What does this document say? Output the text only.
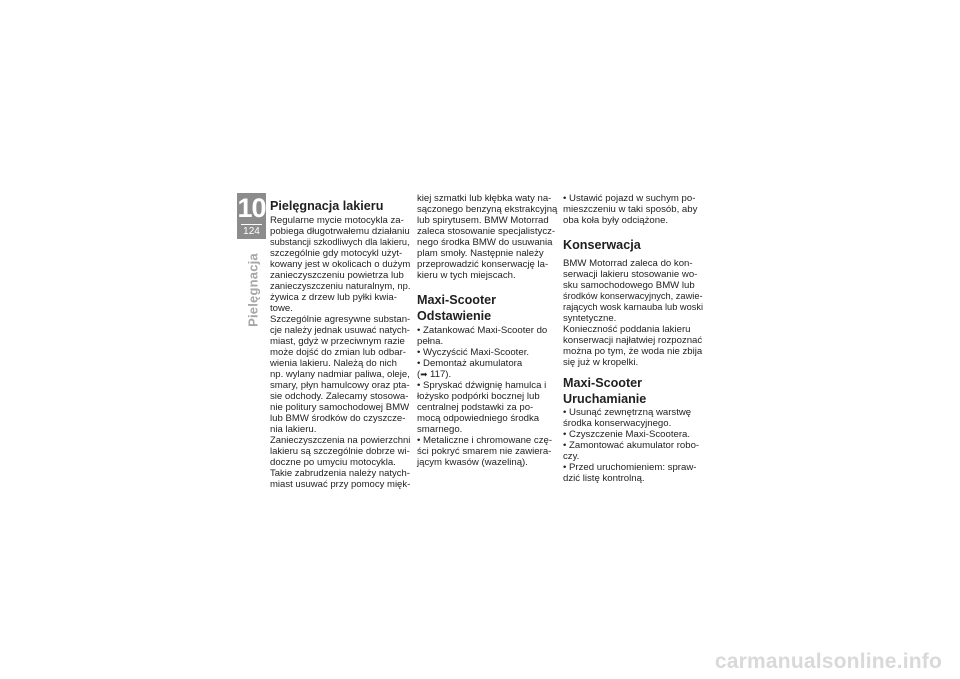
10
124
Pielęgnacja
Pielęgnacja lakieru
Regularne mycie motocykla za-
pobiega długotrwałemu działaniu
substancji szkodliwych dla lakieru,
szczególnie gdy motocykl użyt-
kowany jest w okolicach o dużym
zanieczyszczeniu powietrza lub
zanieczyszczeniu naturalnym, np.
żywica z drzew lub pyłki kwia-
towe.
Szczególnie agresywne substan-
cje należy jednak usuwać natych-
miast, gdyż w przeciwnym razie
może dojść do zmian lub odbar-
wienia lakieru. Należą do nich
np. wylany nadmiar paliwa, oleje,
smary, płyn hamulcowy oraz pta-
sie odchody. Zalecamy stosowa-
nie politury samochodowej BMW
lub BMW środków do czyszcze-
nia lakieru.
Zanieczyszczenia na powierzchni
lakieru są szczególnie dobrze wi-
doczne po umyciu motocykla.
Takie zabrudzenia należy natych-
miast usuwać przy pomocy mięk-
kiej szmatki lub kłębka waty na-
sączonego benzyną ekstrakcyjną
lub spirytusem. BMW Motorrad
zaleca stosowanie specjalistycz-
nego środka BMW do usuwania
plam smoły. Następnie należy
przeprowadzić konserwację la-
kieru w tych miejscach.
Maxi-Scooter
Odstawienie
• Zatankować Maxi-Scooter do
pełna.
• Wyczyścić Maxi-Scooter.
• Demontaż akumulatora
(➡ 117).
• Spryskać dźwignię hamulca i
łożysko podpórki bocznej lub
centralnej podstawki za po-
mocą odpowiedniego środka
smarnego.
• Metaliczne i chromowane czę-
ści pokryć smarem nie zawiera-
jącym kwasów (wazeliną).
• Ustawić pojazd w suchym po-
mieszczeniu w taki sposób, aby
oba koła były odciążone.
Konserwacja
BMW Motorrad zaleca do kon-
serwacji lakieru stosowanie wo-
sku samochodowego BMW lub
środków konserwacyjnych, zawie-
rających wosk karnauba lub woski
syntetyczne.
Konieczność poddania lakieru
konserwacji najłatwiej rozpoznać
można po tym, że woda nie zbija
się już w kropelki.
Maxi-Scooter
Uruchamianie
• Usunąć zewnętrzną warstwę
środka konserwacyjnego.
• Czyszczenie Maxi-Scootera.
• Zamontować akumulator robo-
czy.
• Przed uruchomieniem: spraw-
dzić listę kontrolną.
carmanualsonline.info
